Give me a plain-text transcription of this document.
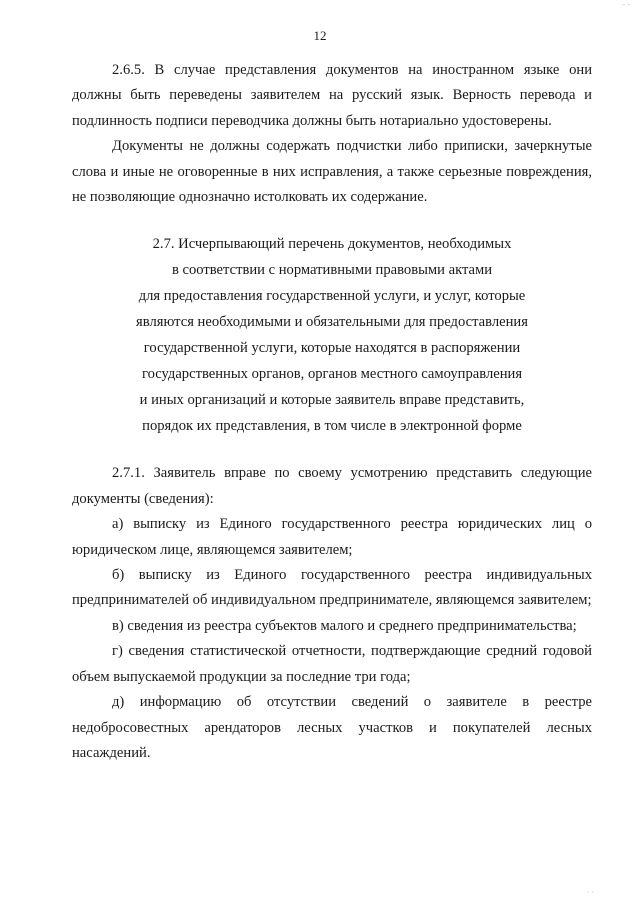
- -
12

2.6.5. В случае представления документов на иностранном языке они должны быть переведены заявителем на русский язык. Верность перевода и подлинность подписи переводчика должны быть нотариально удостоверены.

Документы не должны содержать подчистки либо приписки, зачеркнутые слова и иные не оговоренные в них исправления, а также серьезные повреждения, не позволяющие однозначно истолковать их содержание.

2.7. Исчерпывающий перечень документов, необходимых
в соответствии с нормативными правовыми актами
для предоставления государственной услуги, и услуг, которые
являются необходимыми и обязательными для предоставления
государственной услуги, которые находятся в распоряжении
государственных органов, органов местного самоуправления
и иных организаций и которые заявитель вправе представить,
порядок их представления, в том числе в электронной форме

2.7.1. Заявитель вправе по своему усмотрению представить следующие документы (сведения):

а) выписку из Единого государственного реестра юридических лиц о юридическом лице, являющемся заявителем;

б) выписку из Единого государственного реестра индивидуальных предпринимателей об индивидуальном предпринимателе, являющемся заявителем;

в) сведения из реестра субъектов малого и среднего предпринимательства;

г) сведения статистической отчетности, подтверждающие средний годовой объем выпускаемой продукции за последние три года;

д) информацию об отсутствии сведений о заявителе в реестре недобросовестных арендаторов лесных участков и покупателей лесных насаждений.

· ·
